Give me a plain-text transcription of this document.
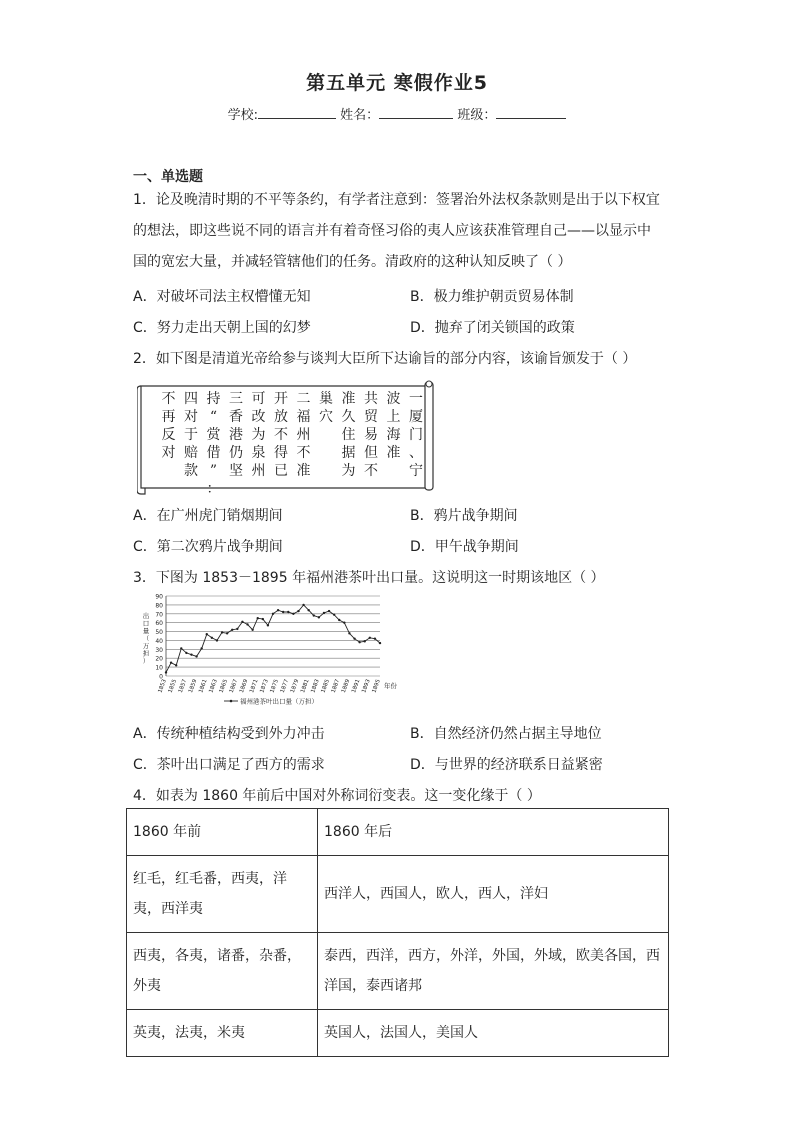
第五单元 寒假作业5
学校:	姓名：	班级：
一、单选题
1．论及晚清时期的不平等条约，有学者注意到：签署治外法权条款则是出于以下权宜
的想法，即这些说不同的语言并有着奇怪习俗的夷人应该获准管理自己——以显示中
国的宽宏大量，并减轻管辖他们的任务。清政府的这种认知反映了（ ）
A．对破坏司法主权懵懂无知	B．极力维护朝贡贸易体制
C．努力走出天朝上国的幻梦	D．抛弃了闭关锁国的政策
2．如下图是清道光帝给参与谈判大臣所下达谕旨的部分内容，该谕旨颁发于（ ）
一
厦
门
、
宁
波
上
海
准
共
贸
易
但
不
准
久
住
据
为
巢
穴
二
福
州
不
准
开
放
不
得
已
可
改
为
泉
州
三
香
港
仍
坚
持
“
赏
借
”
：
四
对
于
赔
款
不
再
反
对
A．在广州虎门销烟期间	B．鸦片战争期间
C．第二次鸦片战争期间	D．甲午战争期间
3．下图为 1853－1895 年福州港茶叶出口量。这说明这一时期该地区（ ）
0
10
20
30
40
50
60
70
80
90
出
口
量
（
万
担
）
1853 1855 1857 1859 1861 1863 1865 1867 1869 1871 1873 1875 1877 1879 1881 1883 1885 1887 1889 1891 1893 1895 年份
福州港茶叶出口量（万担）
A．传统种植结构受到外力冲击	B．自然经济仍然占据主导地位
C．茶叶出口满足了西方的需求	D．与世界的经济联系日益紧密
4．如表为 1860 年前后中国对外称词衍变表。这一变化缘于（ ）
1860 年前	1860 年后
红毛，红毛番，西夷，洋夷，西洋夷	西洋人，西国人，欧人，西人，洋妇
西夷，各夷，诸番，杂番，外夷	泰西，西洋，西方，外洋，外国，外域，欧美各国，西洋国，泰西诸邦
英夷，法夷，米夷	英国人，法国人，美国人
